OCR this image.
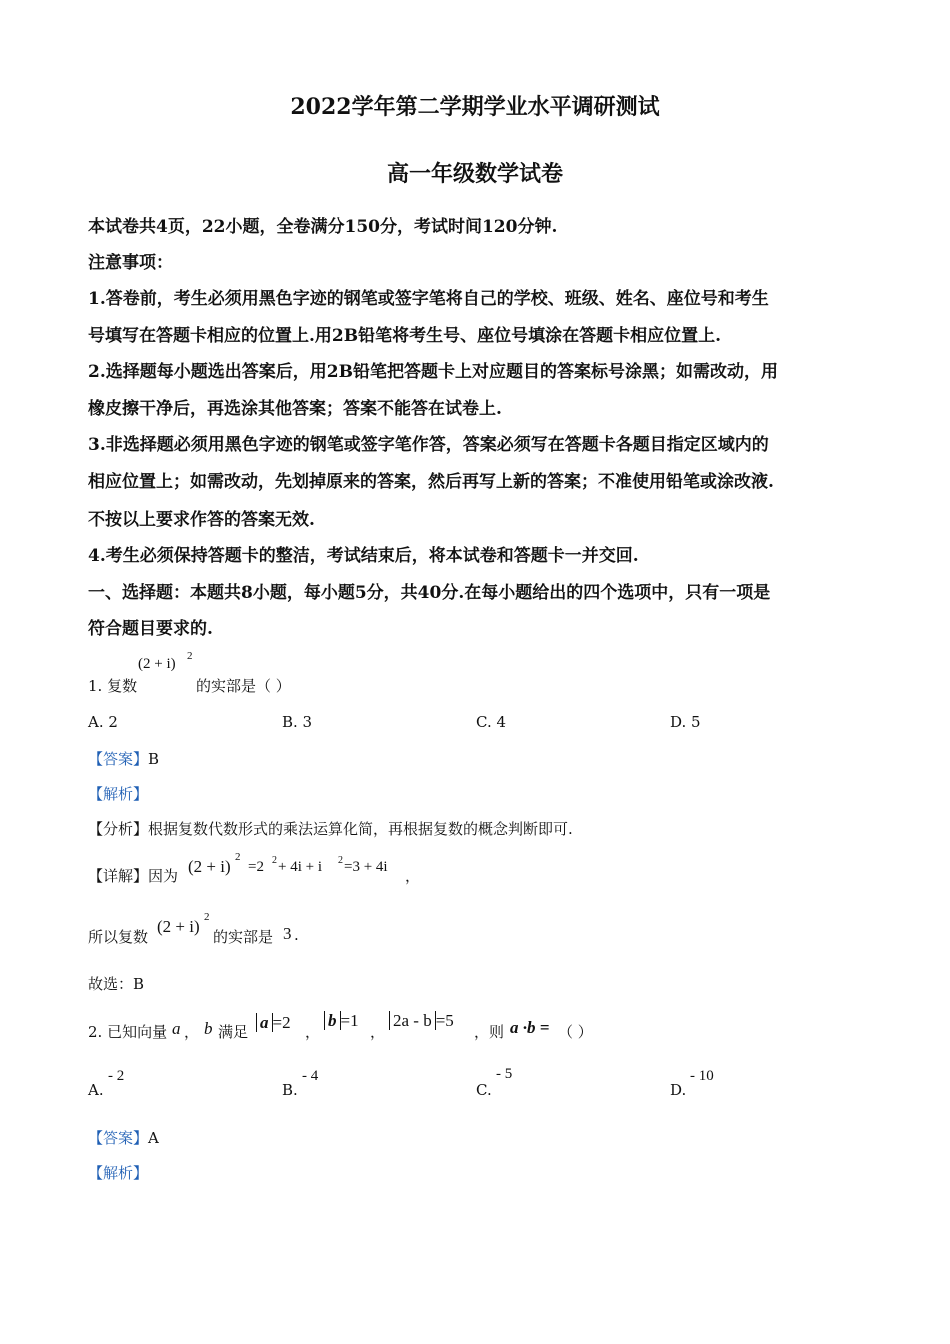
2022学年第二学期学业水平调研测试
高一年级数学试卷
本试卷共4页，22小题，全卷满分150分，考试时间120分钟.
注意事项：
1.答卷前，考生必须用黑色字迹的钢笔或签字笔将自己的学校、班级、姓名、座位号和考生
号填写在答题卡相应的位置上.用2B铅笔将考生号、座位号填涂在答题卡相应位置上.
2.选择题每小题选出答案后，用2B铅笔把答题卡上对应题目的答案标号涂黑；如需改动，用
橡皮擦干净后，再选涂其他答案；答案不能答在试卷上.
3.非选择题必须用黑色字迹的钢笔或签字笔作答，答案必须写在答题卡各题目指定区域内的
相应位置上；如需改动，先划掉原来的答案，然后再写上新的答案；不准使用铅笔或涂改液.
不按以上要求作答的答案无效.
4.考生必须保持答题卡的整洁，考试结束后，将本试卷和答题卡一并交回.
一、选择题：本题共8小题，每小题5分，共40分.在每小题给出的四个选项中，只有一项是
符合题目要求的.
1. 复数
(2 + i) 2
的实部是（ ）
A. 2	B. 3	C. 4	D. 5
【答案】B
【解析】
【分析】根据复数代数形式的乘法运算化简，再根据复数的概念判断即可.
【详解】因为 (2 + i) 2
=2 2 + 4i + i 2 =3 + 4i ，
所以复数
(2 + i) 2
的实部是 3 .
故选：B
2. 已知向量 a ， b 满足 a =2 ，
b =1
，
2a - b =5
，则 a ·b = （ ）
A.
- 2
B.
- 4
C.
- 5
D.
- 10
【答案】A
【解析】
